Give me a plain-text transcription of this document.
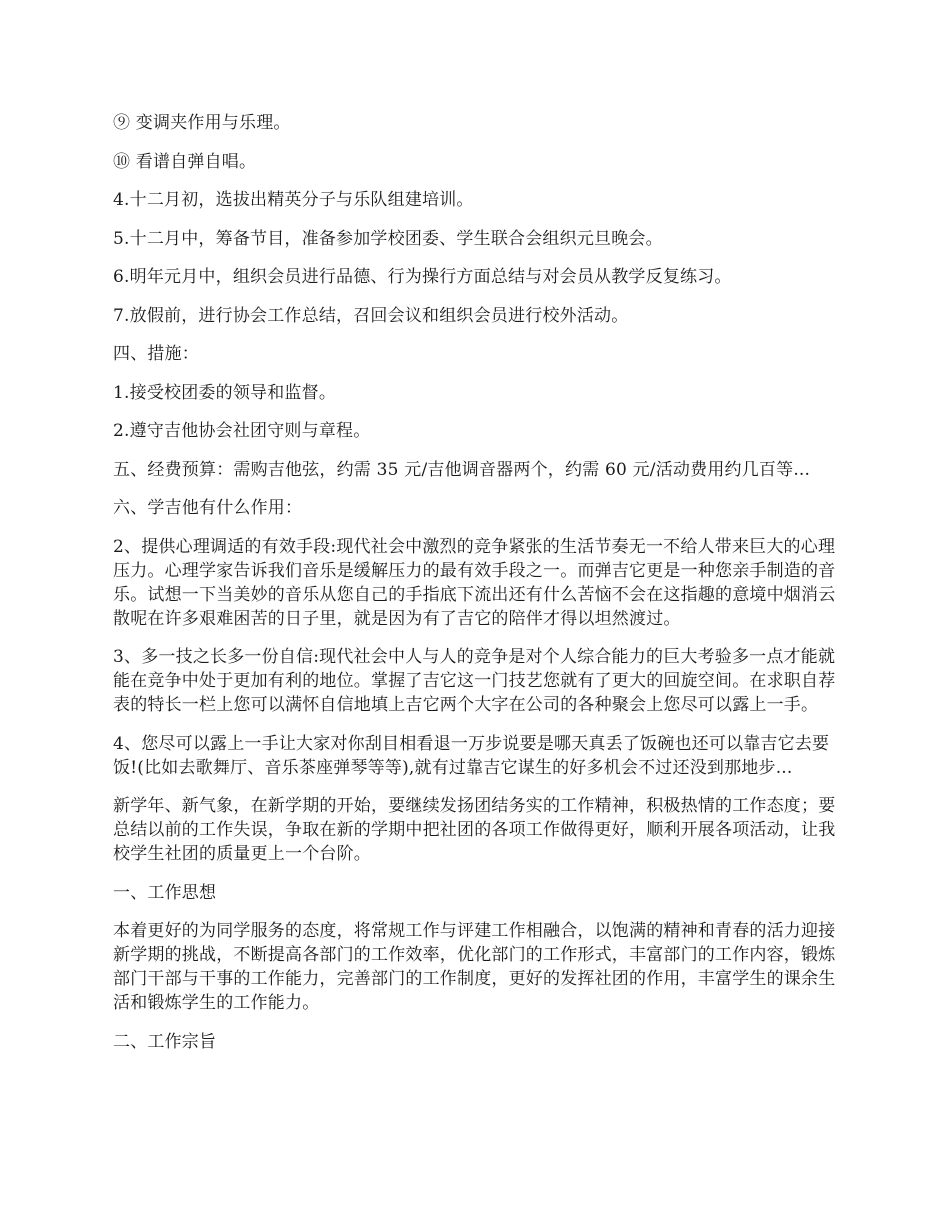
⑨ 变调夹作用与乐理。

⑩ 看谱自弹自唱。

4.十二月初，选拔出精英分子与乐队组建培训。

5.十二月中，筹备节目，准备参加学校团委、学生联合会组织元旦晚会。

6.明年元月中，组织会员进行品德、行为操行方面总结与对会员从教学反复练习。

7.放假前，进行协会工作总结，召回会议和组织会员进行校外活动。

四、措施：

1.接受校团委的领导和监督。

2.遵守吉他协会社团守则与章程。

五、经费预算：需购吉他弦，约需 35 元/吉他调音器两个，约需 60 元/活动费用约几百等...

六、学吉他有什么作用：

2、提供心理调适的有效手段:现代社会中激烈的竞争紧张的生活节奏无一不给人带来巨大的心理压力。心理学家告诉我们音乐是缓解压力的最有效手段之一。而弹吉它更是一种您亲手制造的音乐。试想一下当美妙的音乐从您自己的手指底下流出还有什么苦恼不会在这指趣的意境中烟消云散呢在许多艰难困苦的日子里，就是因为有了吉它的陪伴才得以坦然渡过。

3、多一技之长多一份自信:现代社会中人与人的竞争是对个人综合能力的巨大考验多一点才能就能在竞争中处于更加有利的地位。掌握了吉它这一门技艺您就有了更大的回旋空间。在求职自荐表的特长一栏上您可以满怀自信地填上吉它两个大字在公司的各种聚会上您尽可以露上一手。

4、您尽可以露上一手让大家对你刮目相看退一万步说要是哪天真丢了饭碗也还可以靠吉它去要饭!(比如去歌舞厅、音乐茶座弹琴等等),就有过靠吉它谋生的好多机会不过还没到那地步...

新学年、新气象，在新学期的开始，要继续发扬团结务实的工作精神，积极热情的工作态度；要总结以前的工作失误，争取在新的学期中把社团的各项工作做得更好，顺利开展各项活动，让我校学生社团的质量更上一个台阶。

一、工作思想

本着更好的为同学服务的态度，将常规工作与评建工作相融合，以饱满的精神和青春的活力迎接新学期的挑战，不断提高各部门的工作效率，优化部门的工作形式，丰富部门的工作内容，锻炼部门干部与干事的工作能力，完善部门的工作制度，更好的发挥社团的作用，丰富学生的课余生活和锻炼学生的工作能力。

二、工作宗旨
